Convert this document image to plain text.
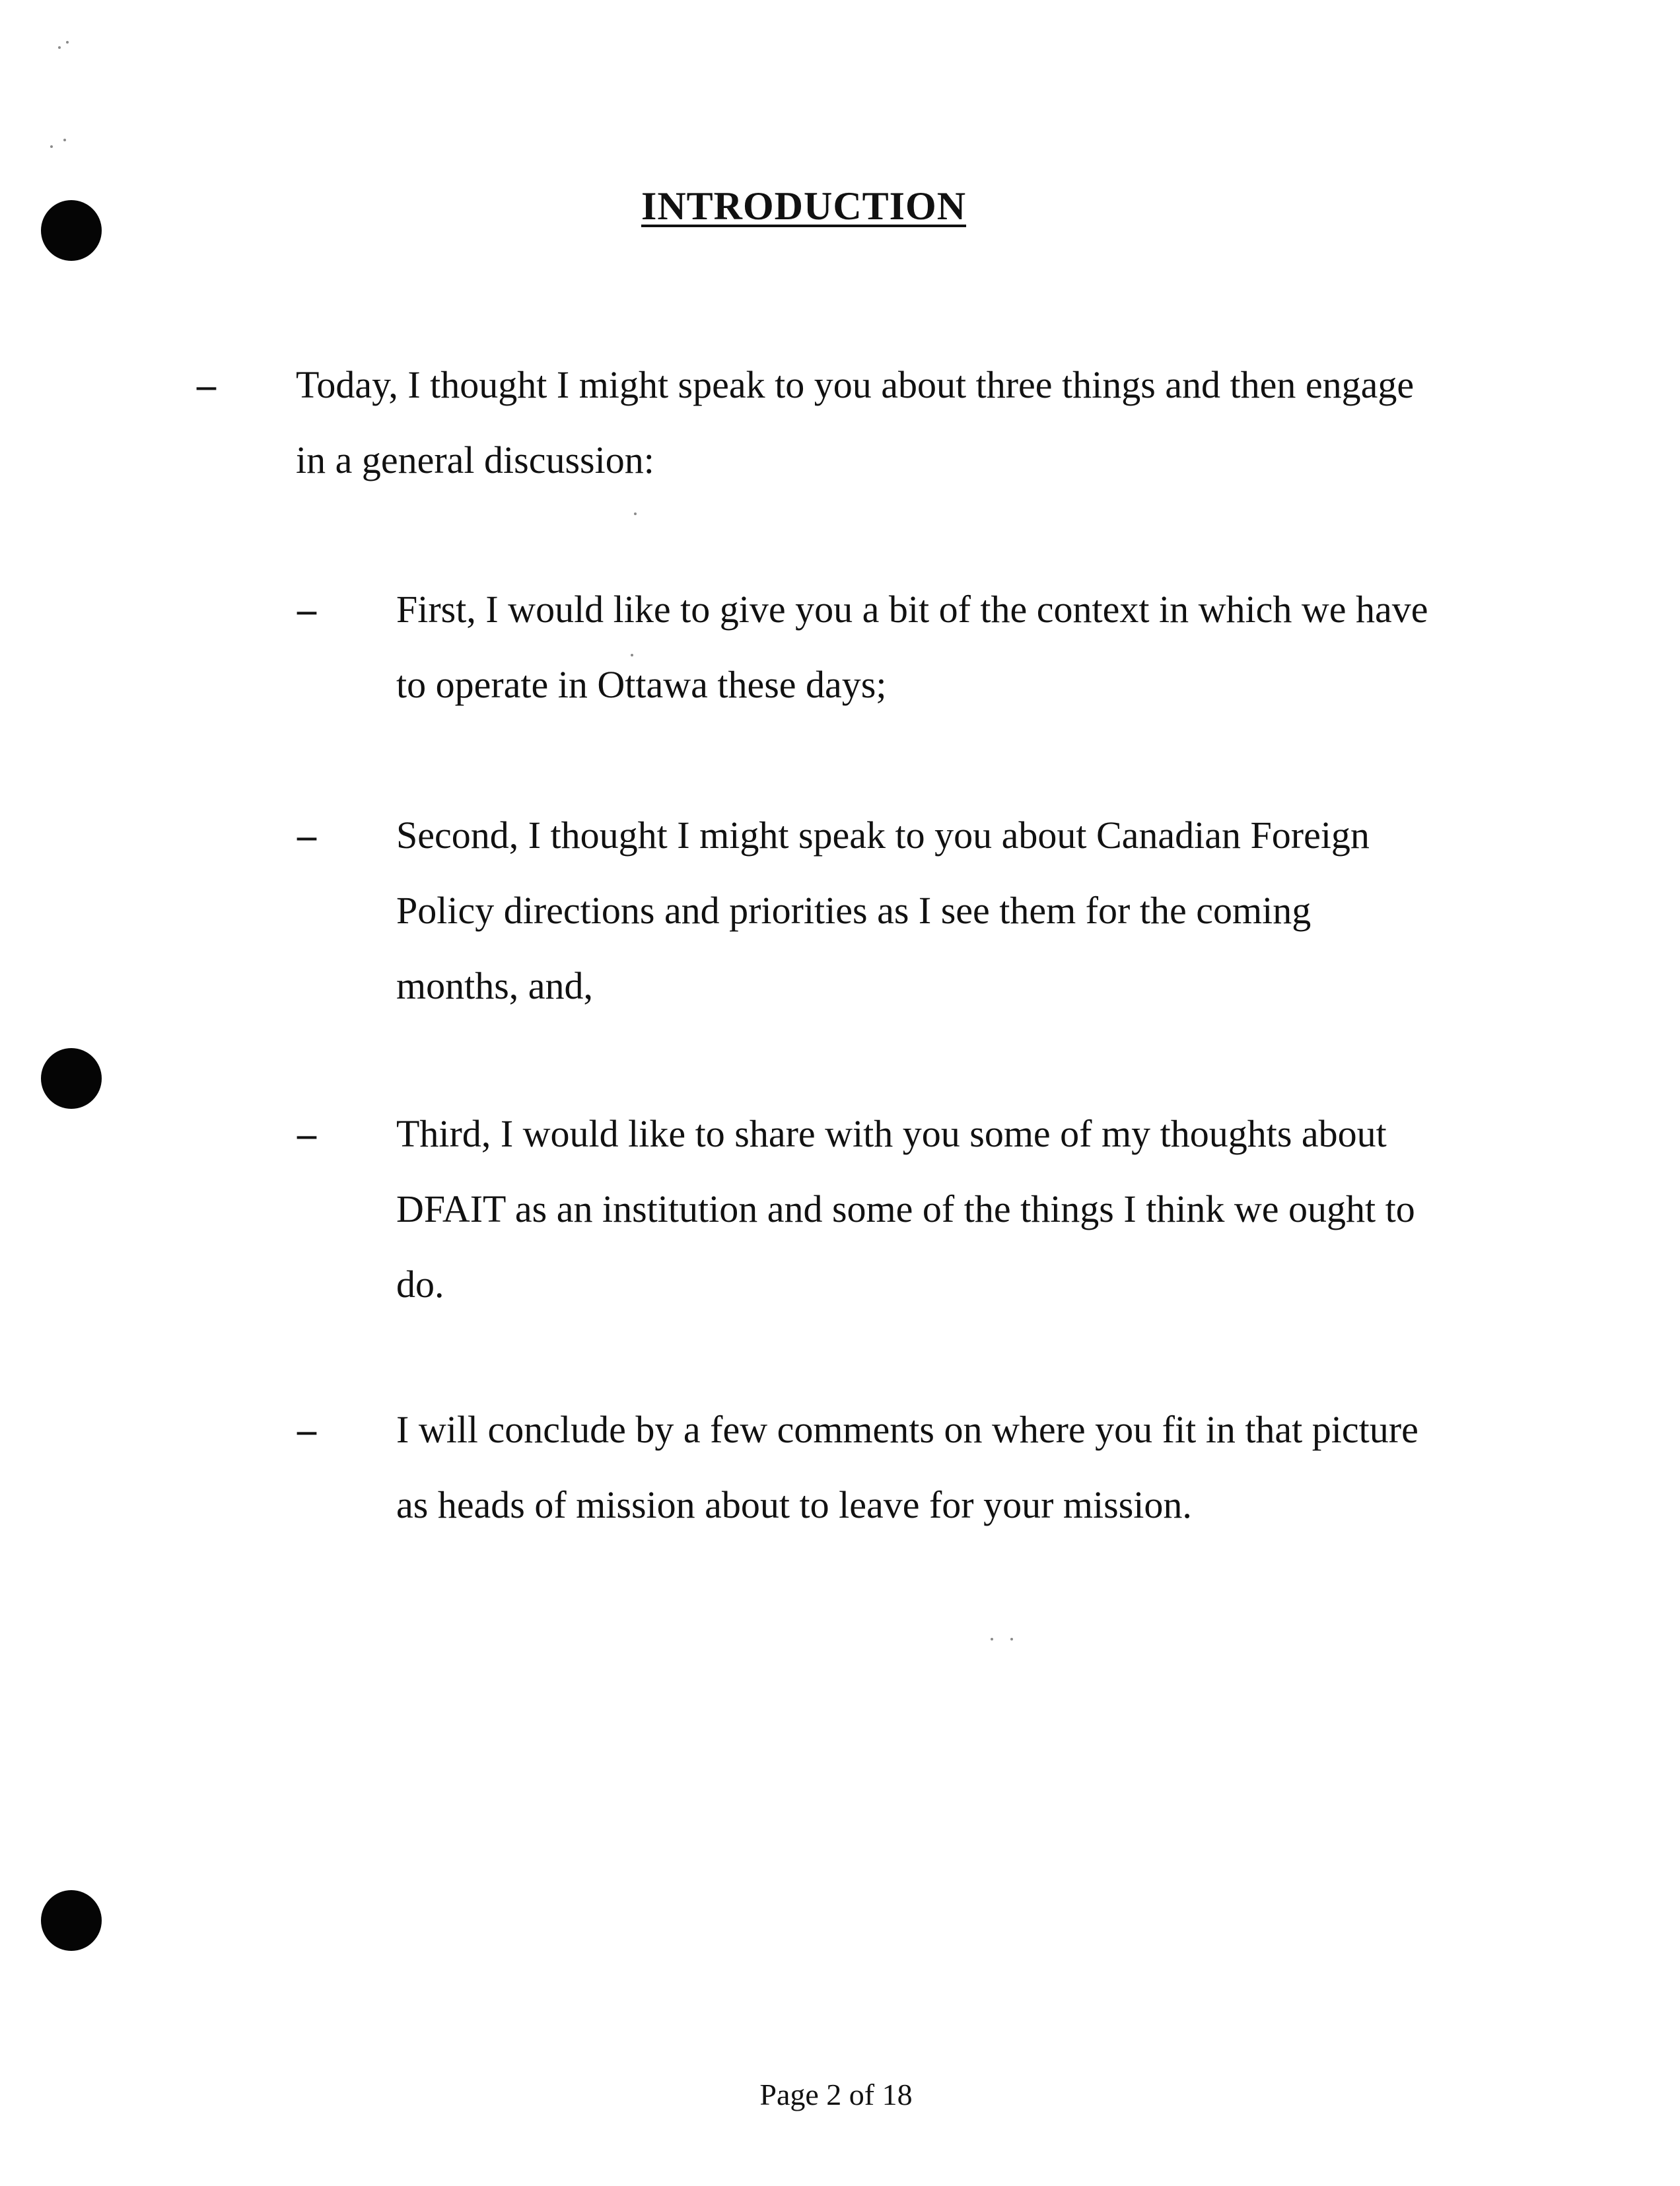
INTRODUCTION
– Today, I thought I might speak to you about three things and then engage in a general discussion:
– First, I would like to give you a bit of the context in which we have to operate in Ottawa these days;
– Second, I thought I might speak to you about Canadian Foreign Policy directions and priorities as I see them for the coming months, and,
– Third, I would like to share with you some of my thoughts about DFAIT as an institution and some of the things I think we ought to do.
– I will conclude by a few comments on where you fit in that picture as heads of mission about to leave for your mission.
Page 2 of 18
